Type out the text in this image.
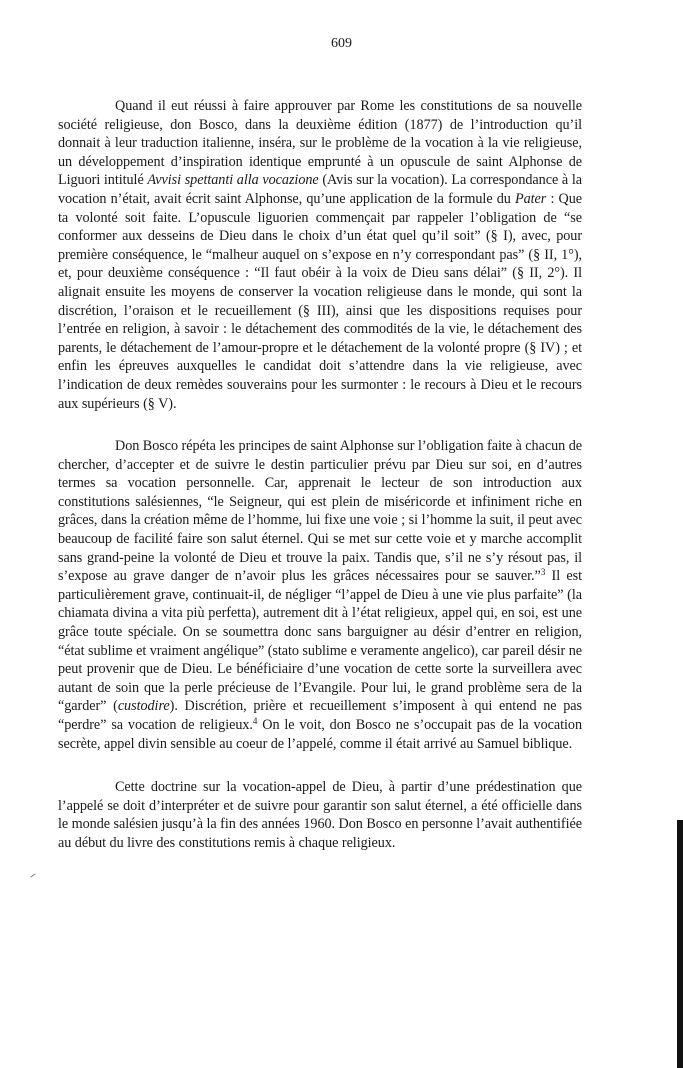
609

Quand il eut réussi à faire approuver par Rome les constitutions de sa nouvelle société religieuse, don Bosco, dans la deuxième édition (1877) de l’introduction qu’il donnait à leur traduction italienne, inséra, sur le problème de la vocation à la vie religieuse, un développement d’inspiration identique emprunté à un opuscule de saint Alphonse de Liguori intitulé Avvisi spettanti alla vocazione (Avis sur la vocation). La correspondance à la vocation n’était, avait écrit saint Alphonse, qu’une application de la formule du Pater : Que ta volonté soit faite. L’opuscule liguorien commençait par rappeler l’obligation de “se conformer aux desseins de Dieu dans le choix d’un état quel qu’il soit” (§ I), avec, pour première conséquence, le “malheur auquel on s’expose en n’y correspondant pas” (§ II, 1°), et, pour deuxième conséquence : “Il faut obéir à la voix de Dieu sans délai” (§ II, 2°). Il alignait ensuite les moyens de conserver la vocation religieuse dans le monde, qui sont la discrétion, l’oraison et le recueillement (§ III), ainsi que les dispositions requises pour l’entrée en religion, à savoir : le détachement des commodités de la vie, le détachement des parents, le détachement de l’amour-propre et le détachement de la volonté propre (§ IV) ; et enfin les épreuves auxquelles le candidat doit s’attendre dans la vie religieuse, avec l’indication de deux remèdes souverains pour les surmonter : le recours à Dieu et le recours aux supérieurs (§ V).

Don Bosco répéta les principes de saint Alphonse sur l’obligation faite à chacun de chercher, d’accepter et de suivre le destin particulier prévu par Dieu sur soi, en d’autres termes sa vocation personnelle. Car, apprenait le lecteur de son introduction aux constitutions salésiennes, “le Seigneur, qui est plein de miséricorde et infiniment riche en grâces, dans la création même de l’homme, lui fixe une voie ; si l’homme la suit, il peut avec beaucoup de facilité faire son salut éternel. Qui se met sur cette voie et y marche accomplit sans grand-peine la volonté de Dieu et trouve la paix. Tandis que, s’il ne s’y résout pas, il s’expose au grave danger de n’avoir plus les grâces nécessaires pour se sauver.”$^3$ Il est particulièrement grave, continuait-il, de négliger “l’appel de Dieu à une vie plus parfaite” (la chiamata divina a vita più perfetta), autrement dit à l’état religieux, appel qui, en soi, est une grâce toute spéciale. On se soumettra donc sans barguigner au désir d’entrer en religion, “état sublime et vraiment angélique” (stato sublime e veramente angelico), car pareil désir ne peut provenir que de Dieu. Le bénéficiaire d’une vocation de cette sorte la surveillera avec autant de soin que la perle précieuse de l’Evangile. Pour lui, le grand problème sera de la “garder” (custodire). Discrétion, prière et recueillement s’imposent à qui entend ne pas “perdre” sa vocation de religieux.$^4$ On le voit, don Bosco ne s’occupait pas de la vocation secrète, appel divin sensible au coeur de l’appelé, comme il était arrivé au Samuel biblique.

Cette doctrine sur la vocation-appel de Dieu, à partir d’une prédestination que l’appelé se doit d’interpréter et de suivre pour garantir son salut éternel, a été officielle dans le monde salésien jusqu’à la fin des années 1960. Don Bosco en personne l’avait authentifiée au début du livre des constitutions remis à chaque religieux.
